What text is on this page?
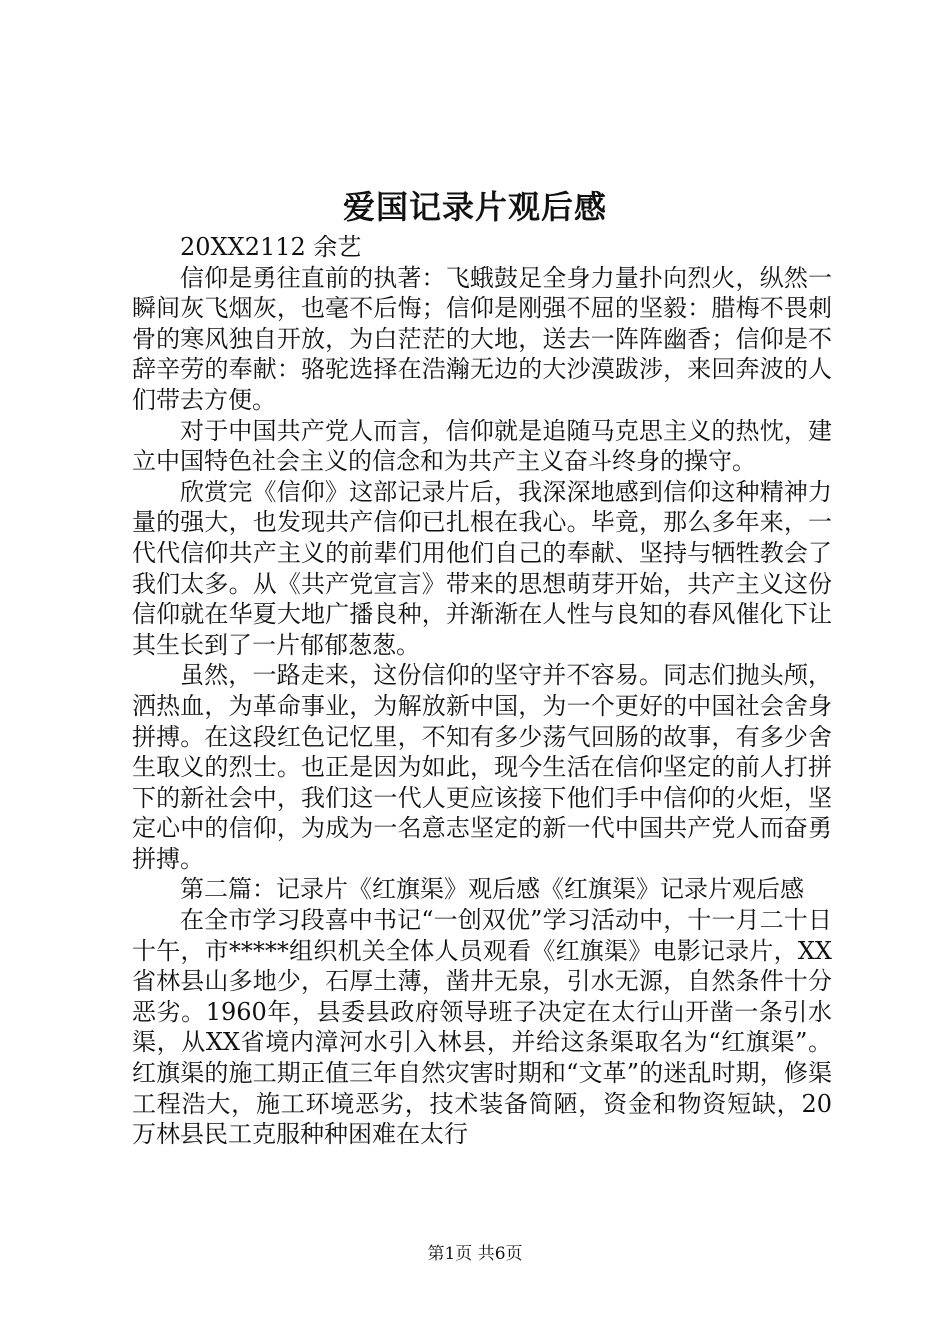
爱国记录片观后感

20XX2112 余艺

信仰是勇往直前的执著：飞蛾鼓足全身力量扑向烈火，纵然一瞬间灰飞烟灰，也毫不后悔；信仰是刚强不屈的坚毅：腊梅不畏刺骨的寒风独自开放，为白茫茫的大地，送去一阵阵幽香；信仰是不辞辛劳的奉献：骆驼选择在浩瀚无边的大沙漠跋涉，来回奔波的人们带去方便。

对于中国共产党人而言，信仰就是追随马克思主义的热忱，建立中国特色社会主义的信念和为共产主义奋斗终身的操守。

欣赏完《信仰》这部记录片后，我深深地感到信仰这种精神力量的强大，也发现共产信仰已扎根在我心。毕竟，那么多年来，一代代信仰共产主义的前辈们用他们自己的奉献、坚持与牺牲教会了我们太多。从《共产党宣言》带来的思想萌芽开始，共产主义这份信仰就在华夏大地广播良种，并渐渐在人性与良知的春风催化下让其生长到了一片郁郁葱葱。

虽然，一路走来，这份信仰的坚守并不容易。同志们抛头颅，洒热血，为革命事业，为解放新中国，为一个更好的中国社会舍身拼搏。在这段红色记忆里，不知有多少荡气回肠的故事，有多少舍生取义的烈士。也正是因为如此，现今生活在信仰坚定的前人打拼下的新社会中，我们这一代人更应该接下他们手中信仰的火炬，坚定心中的信仰，为成为一名意志坚定的新一代中国共产党人而奋勇拼搏。

第二篇：记录片《红旗渠》观后感《红旗渠》记录片观后感

在全市学习段喜中书记“一创双优”学习活动中，十一月二十日十午，市*****组织机关全体人员观看《红旗渠》电影记录片，XX省林县山多地少，石厚土薄，凿井无泉，引水无源，自然条件十分恶劣。1960年，县委县政府领导班子决定在太行山开凿一条引水渠，从XX省境内漳河水引入林县，并给这条渠取名为“红旗渠”。红旗渠的施工期正值三年自然灾害时期和“文革”的迷乱时期，修渠工程浩大，施工环境恶劣，技术装备简陋，资金和物资短缺，20万林县民工克服种种困难在太行

第1页 共6页
